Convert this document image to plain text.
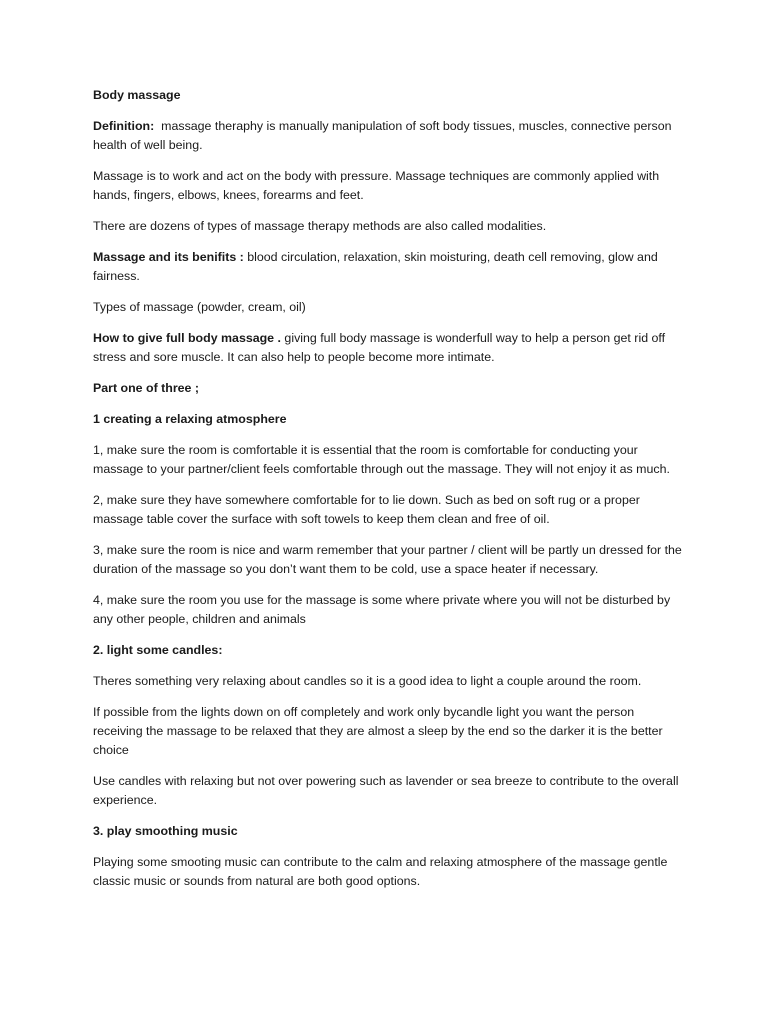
Body massage

Definition: massage theraphy is manually manipulation of soft body tissues, muscles, connective person health of well being.

Massage is to work and act on the body with pressure. Massage techniques are commonly applied with hands, fingers, elbows, knees, forearms and feet.

There are dozens of types of massage therapy methods are also called modalities.

Massage and its benifits : blood circulation, relaxation, skin moisturing, death cell removing, glow and fairness.

Types of massage (powder, cream, oil)

How to give full body massage . giving full body massage is wonderfull way to help a person get rid off stress and sore muscle. It can also help to people become more intimate.

Part one of three ;

1 creating a relaxing atmosphere

1, make sure the room is comfortable it is essential that the room is comfortable for conducting your massage to your partner/client feels comfortable through out the massage. They will not enjoy it as much.

2, make sure they have somewhere comfortable for to lie down. Such as bed on soft rug or a proper massage table cover the surface with soft towels to keep them clean and free of oil.

3, make sure the room is nice and warm remember that your partner / client will be partly un dressed for the duration of the massage so you don’t want them to be cold, use a space heater if necessary.

4, make sure the room you use for the massage is some where private where you will not be disturbed by any other people, children and animals

2. light some candles:

Theres something very relaxing about candles so it is a good idea to light a couple around the room.

If possible from the lights down on off completely and work only bycandle light you want the person receiving the massage to be relaxed that they are almost a sleep by the end so the darker it is the better choice

Use candles with relaxing but not over powering such as lavender or sea breeze to contribute to the overall experience.

3. play smoothing music

Playing some smooting music can contribute to the calm and relaxing atmosphere of the massage gentle classic music or sounds from natural are both good options.
